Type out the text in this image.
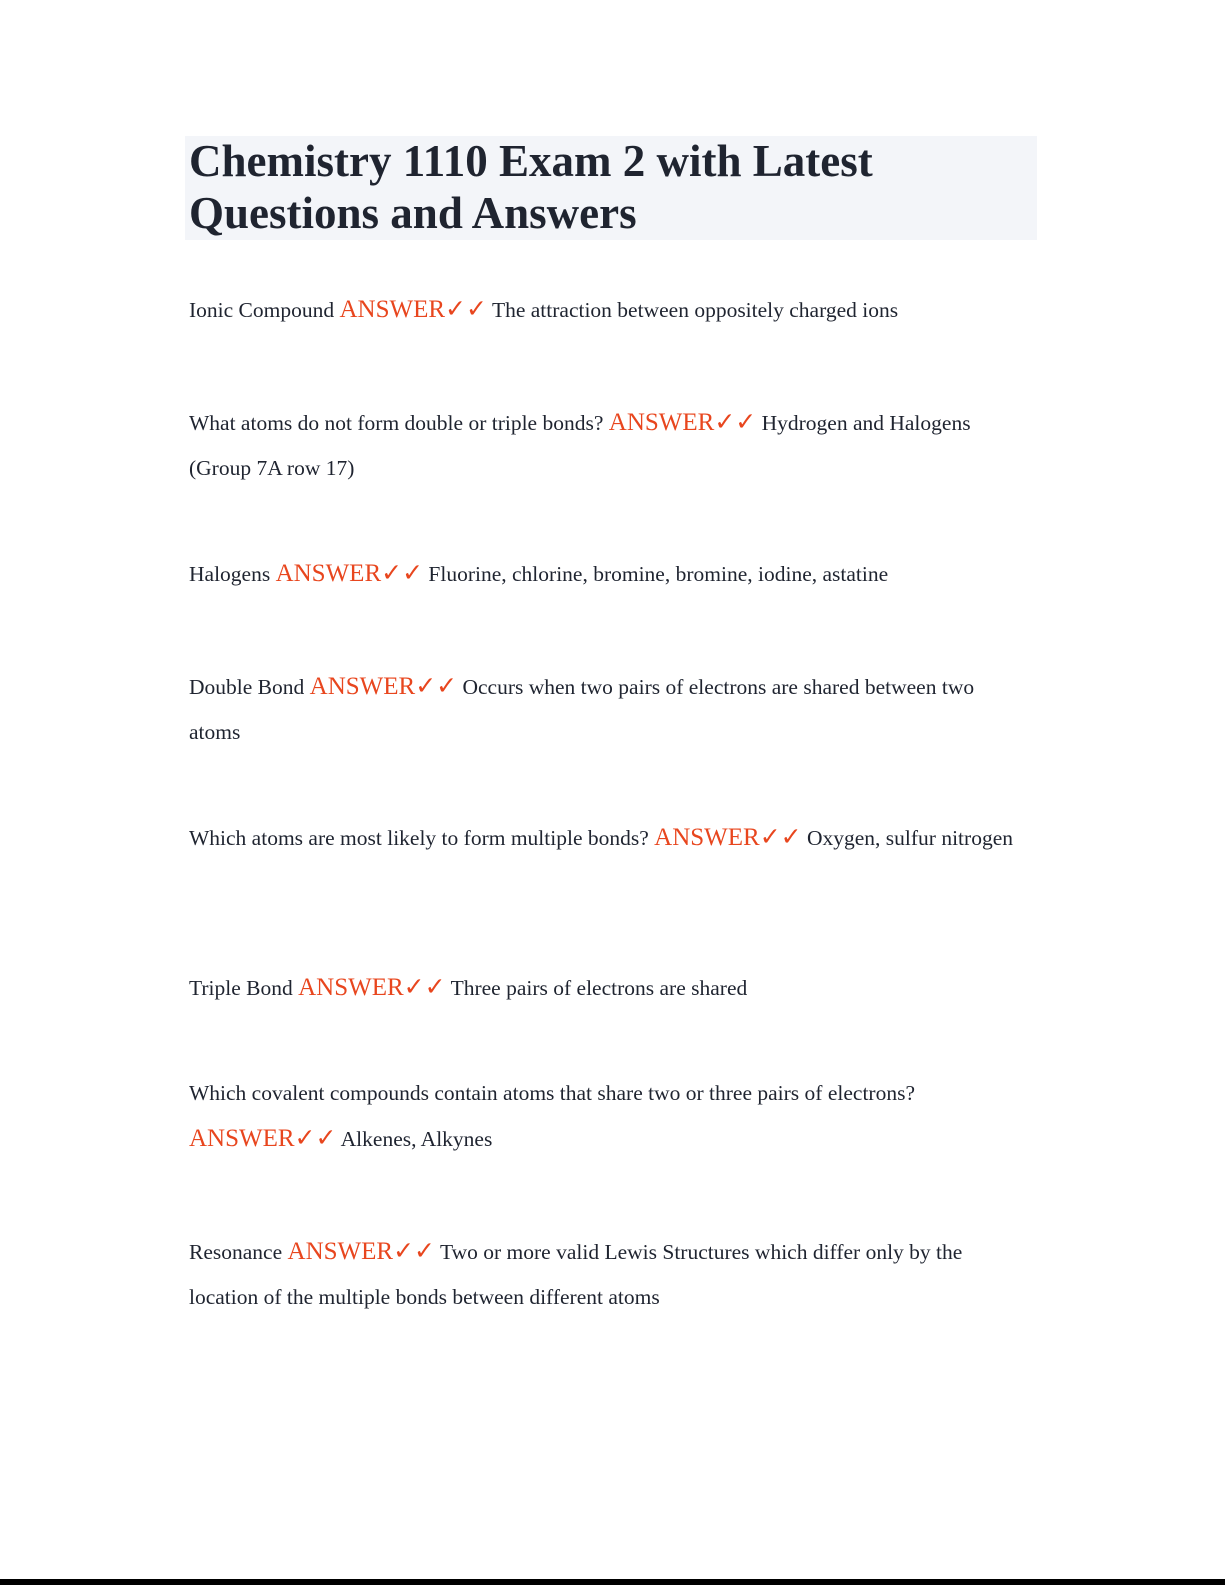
Chemistry 1110 Exam 2 with Latest Questions and Answers

Ionic Compound ANSWER✓✓ The attraction between oppositely charged ions

What atoms do not form double or triple bonds? ANSWER✓✓ Hydrogen and Halogens (Group 7A row 17)

Halogens ANSWER✓✓ Fluorine, chlorine, bromine, bromine, iodine, astatine

Double Bond ANSWER✓✓ Occurs when two pairs of electrons are shared between two atoms

Which atoms are most likely to form multiple bonds? ANSWER✓✓ Oxygen, sulfur nitrogen

Triple Bond ANSWER✓✓ Three pairs of electrons are shared

Which covalent compounds contain atoms that share two or three pairs of electrons? ANSWER✓✓ Alkenes, Alkynes

Resonance ANSWER✓✓ Two or more valid Lewis Structures which differ only by the location of the multiple bonds between different atoms
